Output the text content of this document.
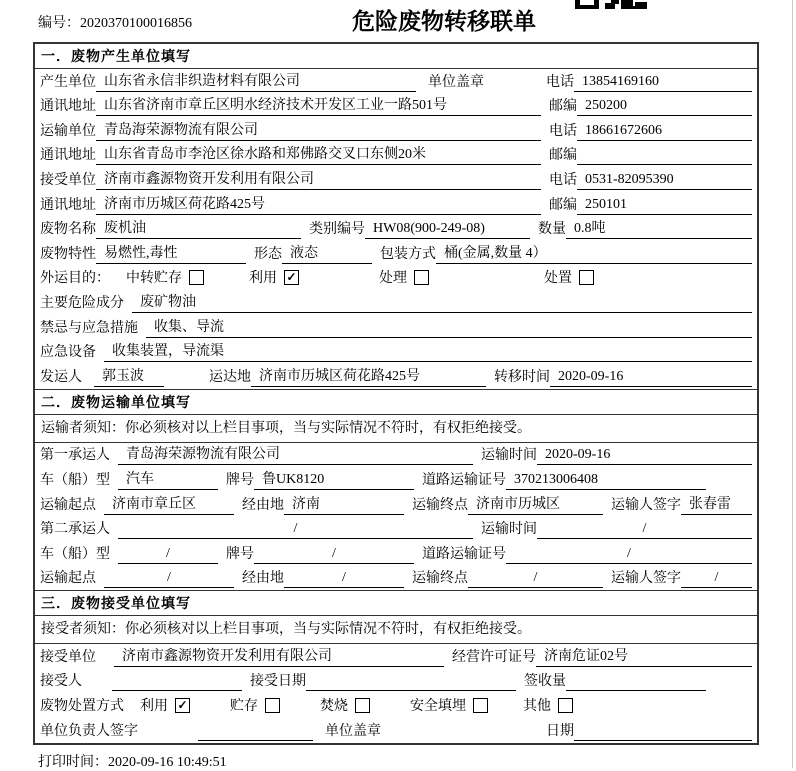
编号：2020370100016856	危险废物转移联单
一．废物产生单位填写
产生单位 山东省永信非织造材料有限公司	单位盖章	电话 13854169160
通讯地址 山东省济南市章丘区明水经济技术开发区工业一路501号	邮编 250200
运输单位 青岛海荣源物流有限公司	电话 18661672606
通讯地址 山东省青岛市李沧区徐水路和郑佛路交叉口东侧20米	邮编
接受单位 济南市鑫源物资开发利用有限公司	电话 0531-82095390
通讯地址 济南市历城区荷花路425号	邮编 250101
废物名称 废机油	类别编号 HW08(900-249-08)	数量 0.8吨
废物特性 易燃性,毒性	形态 液态	包装方式 桶(金属,数量 4）
外运目的： 中转贮存	利用 ✓	处理	处置
主要危险成分	废矿物油
禁忌与应急措施	收集、导流
应急设备	收集装置，导流渠
发运人	郭玉波	运达地 济南市历城区荷花路425号	转移时间 2020-09-16
二．废物运输单位填写
运输者须知：你必须核对以上栏目事项，当与实际情况不符时，有权拒绝接受。
第一承运人	青岛海荣源物流有限公司	运输时间 2020-09-16
车（船）型	汽车	牌号 鲁UK8120	道路运输证号 370213006408
运输起点	济南市章丘区	经由地 济南	运输终点 济南市历城区	运输人签字 张春雷
第二承运人	/	运输时间	/
车（船）型	/	牌号	/	道路运输证号	/
运输起点	/	经由地	/	运输终点	/	运输人签字	/
三．废物接受单位填写
接受者须知：你必须核对以上栏目事项，当与实际情况不符时，有权拒绝接受。
接受单位	济南市鑫源物资开发利用有限公司	经营许可证号 济南危证02号
接受人	接受日期	签收量
废物处置方式 利用 ✓	贮存	焚烧	安全填埋	其他
单位负责人签字	单位盖章	日期
打印时间：2020-09-16 10:49:51
